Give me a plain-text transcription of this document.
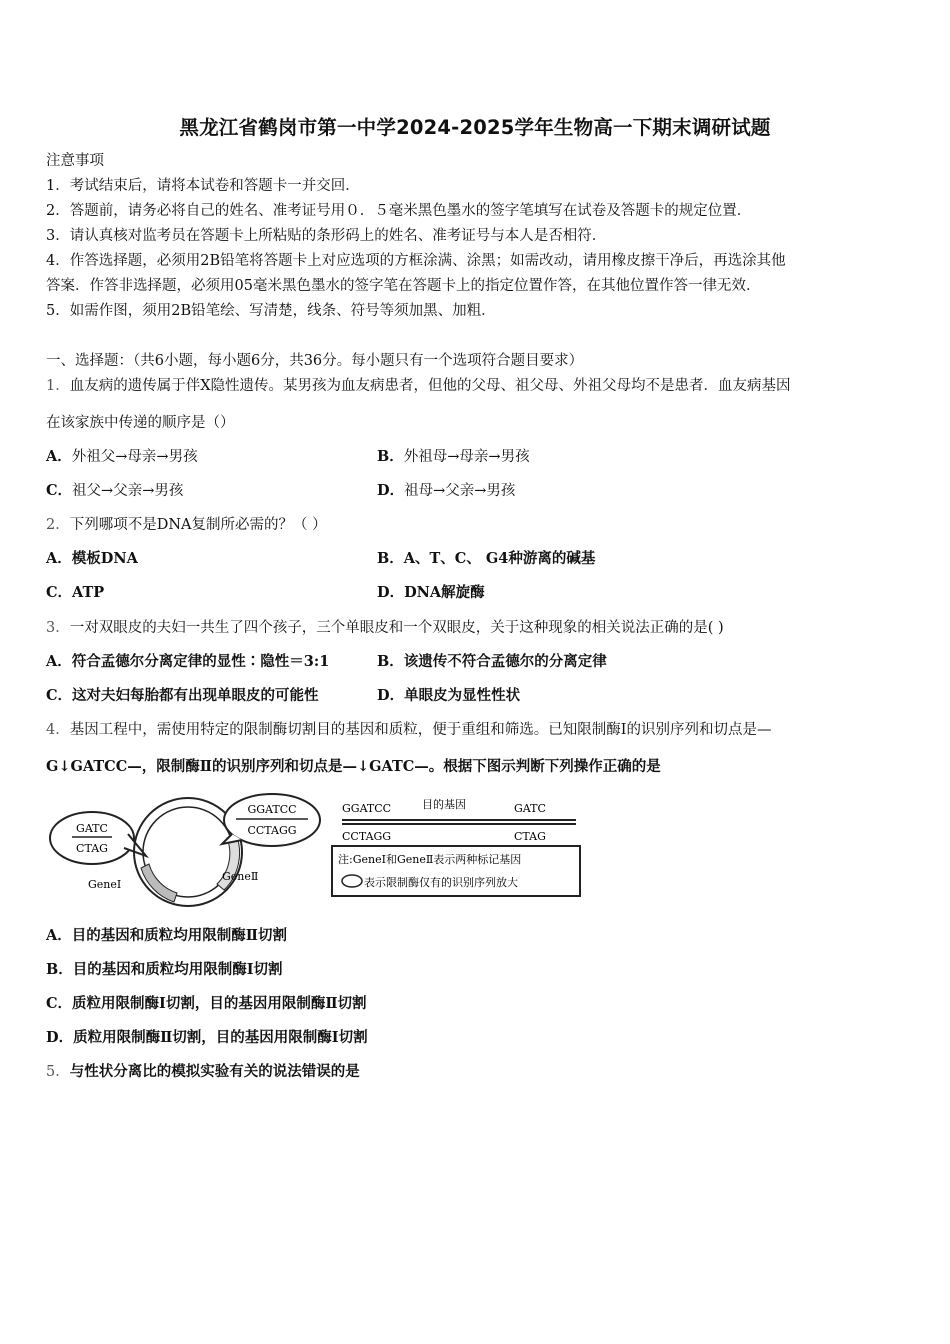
黑龙江省鹤岗市第一中学2024-2025学年生物高一下期末调研试题
注意事项
1．考试结束后，请将本试卷和答题卡一并交回．
2．答题前，请务必将自己的姓名、准考证号用０．５毫米黑色墨水的签字笔填写在试卷及答题卡的规定位置．
3．请认真核对监考员在答题卡上所粘贴的条形码上的姓名、准考证号与本人是否相符．
4．作答选择题，必须用2B铅笔将答题卡上对应选项的方框涂满、涂黑；如需改动，请用橡皮擦干净后，再选涂其他
答案．作答非选择题，必须用05毫米黑色墨水的签字笔在答题卡上的指定位置作答，在其他位置作答一律无效．
5．如需作图，须用2B铅笔绘、写清楚，线条、符号等须加黑、加粗．
一、选择题：（共6小题，每小题6分，共36分。每小题只有一个选项符合题目要求）
1．血友病的遗传属于伴X隐性遗传。某男孩为血友病患者，但他的父母、祖父母、外祖父母均不是患者．血友病基因
在该家族中传递的顺序是（）
A．外祖父→母亲→男孩	B．外祖母→母亲→男孩
C．祖父→父亲→男孩	D．祖母→父亲→男孩
2．下列哪项不是DNA复制所必需的？（ ）
A．模板DNA	B．A、T、C、 G4种游离的碱基
C．ATP	D．DNA解旋酶
3．一对双眼皮的夫妇一共生了四个孩子，三个单眼皮和一个双眼皮，关于这种现象的相关说法正确的是( )
A．符合孟德尔分离定律的显性∶隐性＝3:1	B．该遗传不符合孟德尔的分离定律
C．这对夫妇每胎都有出现单眼皮的可能性	D．单眼皮为显性性状
4．基因工程中，需使用特定的限制酶切割目的基因和质粒，便于重组和筛选。已知限制酶Ⅰ的识别序列和切点是—
G↓GATCC—，限制酶Ⅱ的识别序列和切点是—↓GATC—。根据下图示判断下列操作正确的是
GATC
CTAG
GeneⅠ
GeneⅡ
GGATCC
CCTAGG
GGATCC	目的基因	GATC
CCTAGG	CTAG
注:GeneⅠ和GeneⅡ表示两种标记基因
表示限制酶仅有的识别序列放大
A．目的基因和质粒均用限制酶Ⅱ切割
B．目的基因和质粒均用限制酶Ⅰ切割
C．质粒用限制酶Ⅰ切割，目的基因用限制酶Ⅱ切割
D．质粒用限制酶Ⅱ切割，目的基因用限制酶Ⅰ切割
5．与性状分离比的模拟实验有关的说法错误的是
